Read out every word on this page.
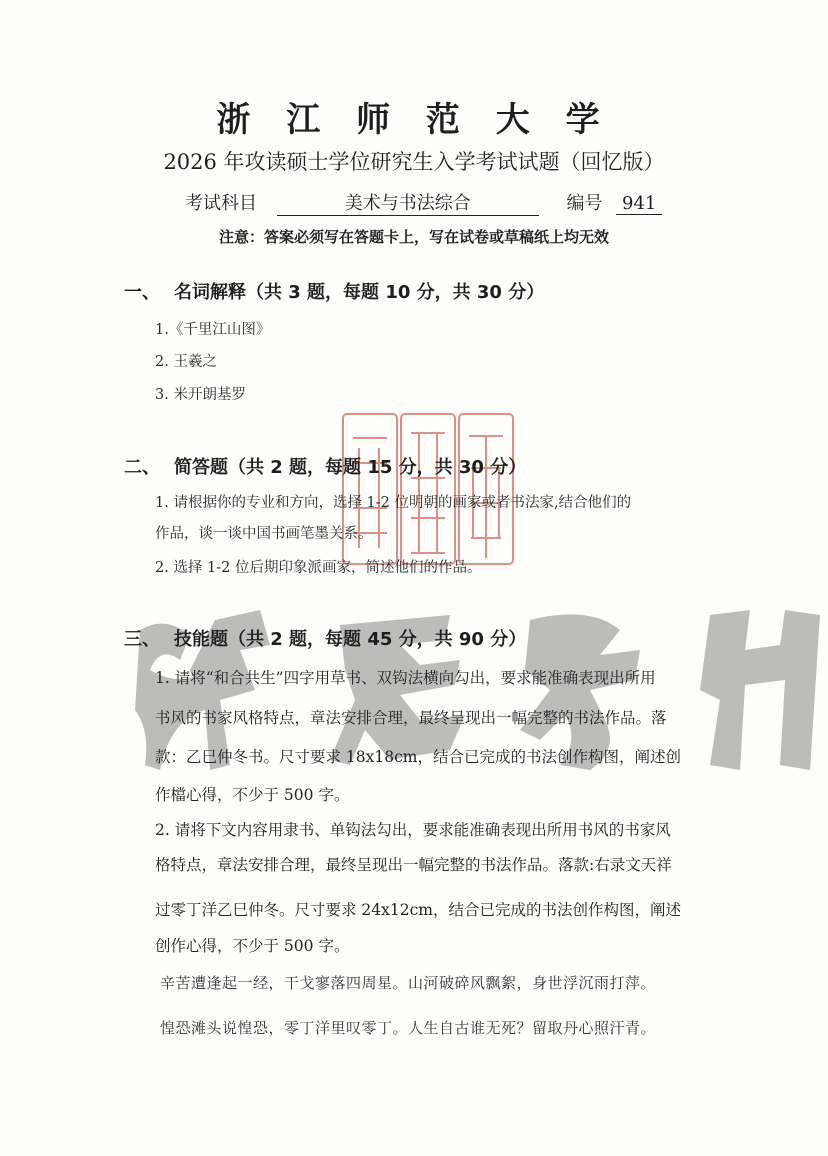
浙 江 师 范 大 学
2026 年攻读硕士学位研究生入学考试试题（回忆版）
考试科目	美术与书法综合	编号 941
注意：答案必须写在答题卡上，写在试卷或草稿纸上均无效
一、 名词解释（共 3 题，每题 10 分，共 30 分）
1.《千里江山图》
2. 王羲之
3. 米开朗基罗
二、 简答题（共 2 题，每题 15 分，共 30 分）
1. 请根据你的专业和方向，选择 1-2 位明朝的画家或者书法家,结合他们的
作品，谈一谈中国书画笔墨关系。
2. 选择 1-2 位后期印象派画家，简述他们的作品。
三、 技能题（共 2 题，每题 45 分，共 90 分）
1. 请将“和合共生”四字用草书、双钩法横向勾出，要求能准确表现出所用
书风的书家风格特点，章法安排合理，最终呈现出一幅完整的书法作品。落
款：乙巳仲冬书。尺寸要求 18x18cm，结合已完成的书法创作构图，阐述创
作檔心得，不少于 500 字。
2. 请将下文内容用隶书、单钩法勾出，要求能准确表现出所用书风的书家风
格特点，章法安排合理，最终呈现出一幅完整的书法作品。落款:右录文天祥
过零丁洋乙巳仲冬。尺寸要求 24x12cm，结合已完成的书法创作构图，阐述
创作心得，不少于 500 字。
辛苦遭逢起一经，干戈寥落四周星。山河破碎风飘絮，身世浮沉雨打萍。
惶恐滩头说惶恐，零丁洋里叹零丁。人生自古谁无死？留取丹心照汗青。
